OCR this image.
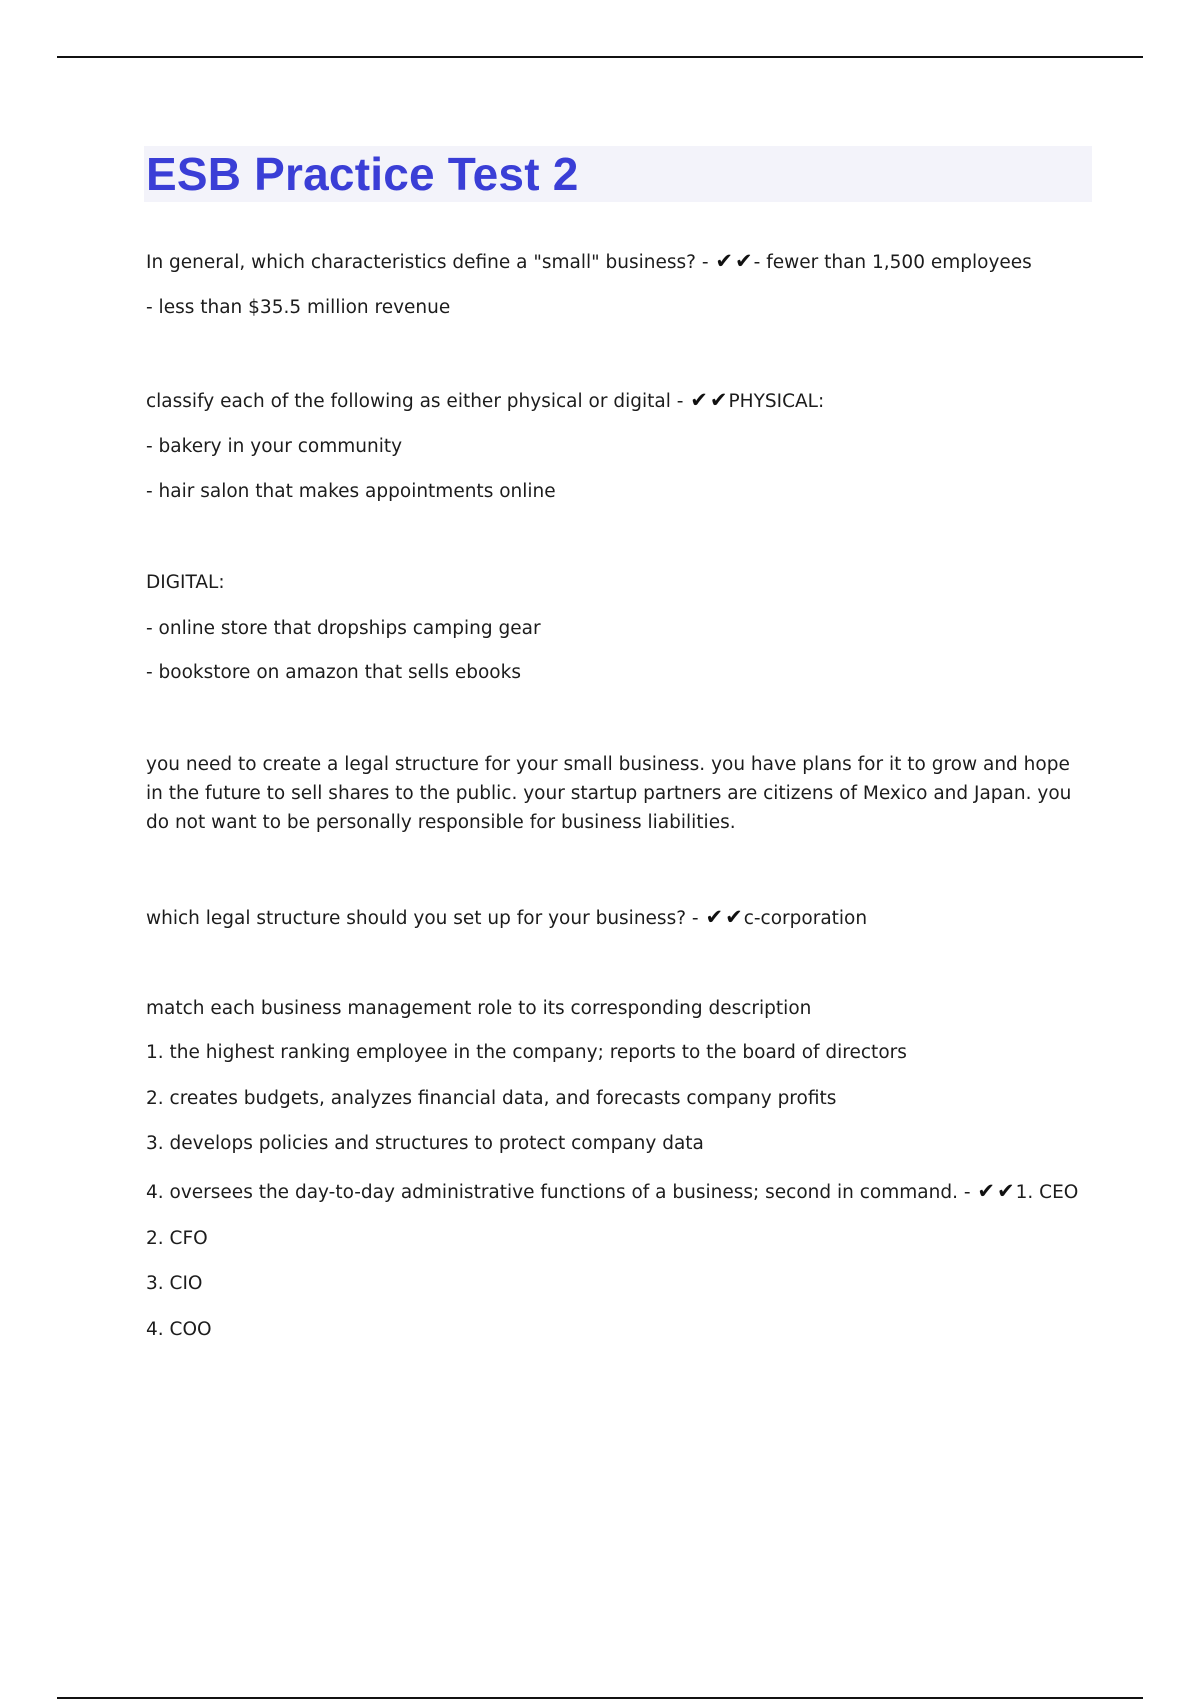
ESB Practice Test 2

In general, which characteristics define a "small" business? - ✔✔- fewer than 1,500 employees

- less than $35.5 million revenue

classify each of the following as either physical or digital - ✔✔PHYSICAL:

- bakery in your community

- hair salon that makes appointments online

DIGITAL:

- online store that dropships camping gear

- bookstore on amazon that sells ebooks

you need to create a legal structure for your small business. you have plans for it to grow and hope in the future to sell shares to the public. your startup partners are citizens of Mexico and Japan. you do not want to be personally responsible for business liabilities.

which legal structure should you set up for your business? - ✔✔c-corporation

match each business management role to its corresponding description

1. the highest ranking employee in the company; reports to the board of directors

2. creates budgets, analyzes financial data, and forecasts company profits

3. develops policies and structures to protect company data

4. oversees the day-to-day administrative functions of a business; second in command. - ✔✔1. CEO

2. CFO

3. CIO

4. COO
